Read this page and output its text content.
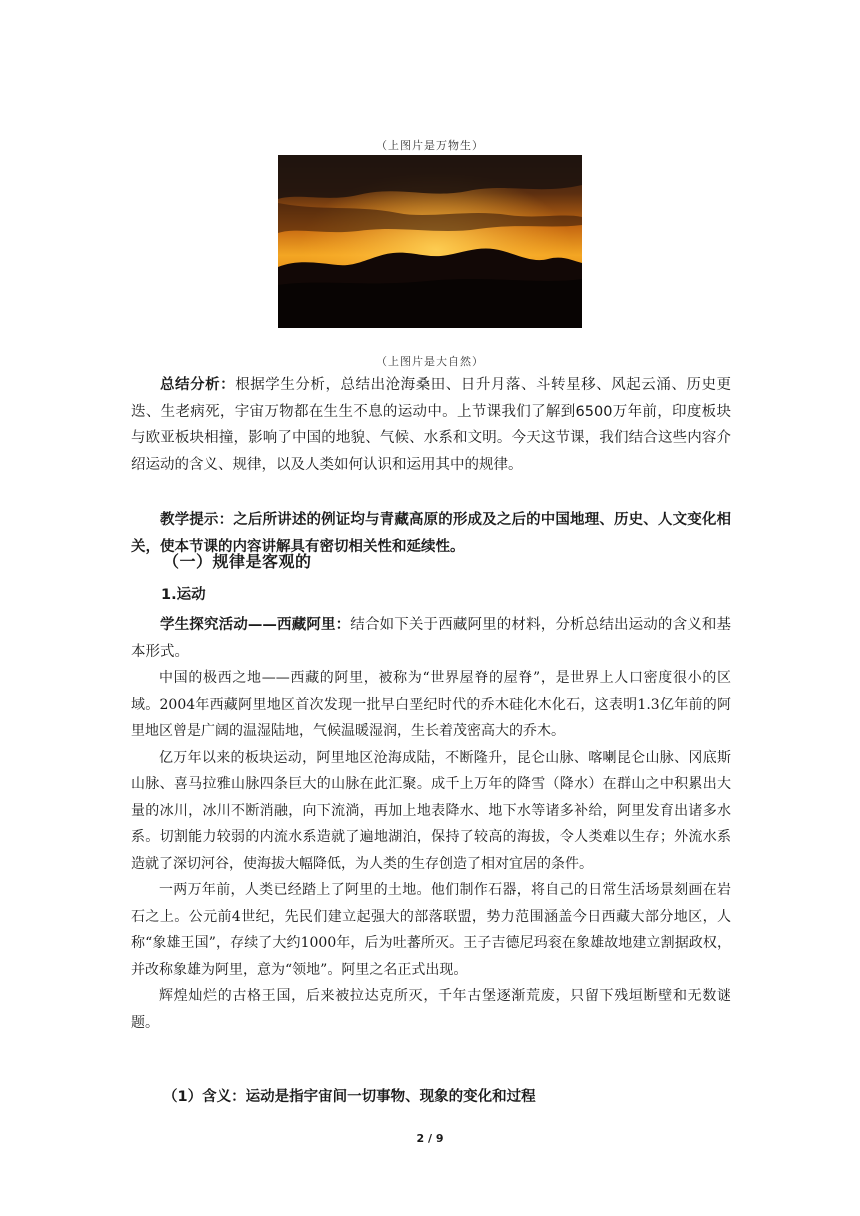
（上图片是万物生）
（上图片是大自然）

总结分析：根据学生分析，总结出沧海桑田、日升月落、斗转星移、风起云涌、历史更迭、生老病死，宇宙万物都在生生不息的运动中。上节课我们了解到6500万年前，印度板块与欧亚板块相撞，影响了中国的地貌、气候、水系和文明。今天这节课，我们结合这些内容介绍运动的含义、规律，以及人类如何认识和运用其中的规律。

教学提示：之后所讲述的例证均与青藏高原的形成及之后的中国地理、历史、人文变化相关，使本节课的内容讲解具有密切相关性和延续性。

（一）规律是客观的
1.运动

学生探究活动——西藏阿里：结合如下关于西藏阿里的材料，分析总结出运动的含义和基本形式。

中国的极西之地——西藏的阿里，被称为“世界屋脊的屋脊”，是世界上人口密度很小的区域。2004年西藏阿里地区首次发现一批早白垩纪时代的乔木硅化木化石，这表明1.3亿年前的阿里地区曾是广阔的温湿陆地，气候温暖湿润，生长着茂密高大的乔木。

亿万年以来的板块运动，阿里地区沧海成陆，不断隆升，昆仑山脉、喀喇昆仑山脉、冈底斯山脉、喜马拉雅山脉四条巨大的山脉在此汇聚。成千上万年的降雪（降水）在群山之中积累出大量的冰川，冰川不断消融，向下流淌，再加上地表降水、地下水等诸多补给，阿里发育出诸多水系。切割能力较弱的内流水系造就了遍地湖泊，保持了较高的海拔，令人类难以生存；外流水系造就了深切河谷，使海拔大幅降低，为人类的生存创造了相对宜居的条件。

一两万年前，人类已经踏上了阿里的土地。他们制作石器，将自己的日常生活场景刻画在岩石之上。公元前4世纪，先民们建立起强大的部落联盟，势力范围涵盖今日西藏大部分地区，人称“象雄王国”，存续了大约1000年，后为吐蕃所灭。王子吉德尼玛衮在象雄故地建立割据政权，并改称象雄为阿里，意为“领地”。阿里之名正式出现。

辉煌灿烂的古格王国，后来被拉达克所灭，千年古堡逐渐荒废，只留下残垣断壁和无数谜题。

（1）含义：运动是指宇宙间一切事物、现象的变化和过程
2 / 9
